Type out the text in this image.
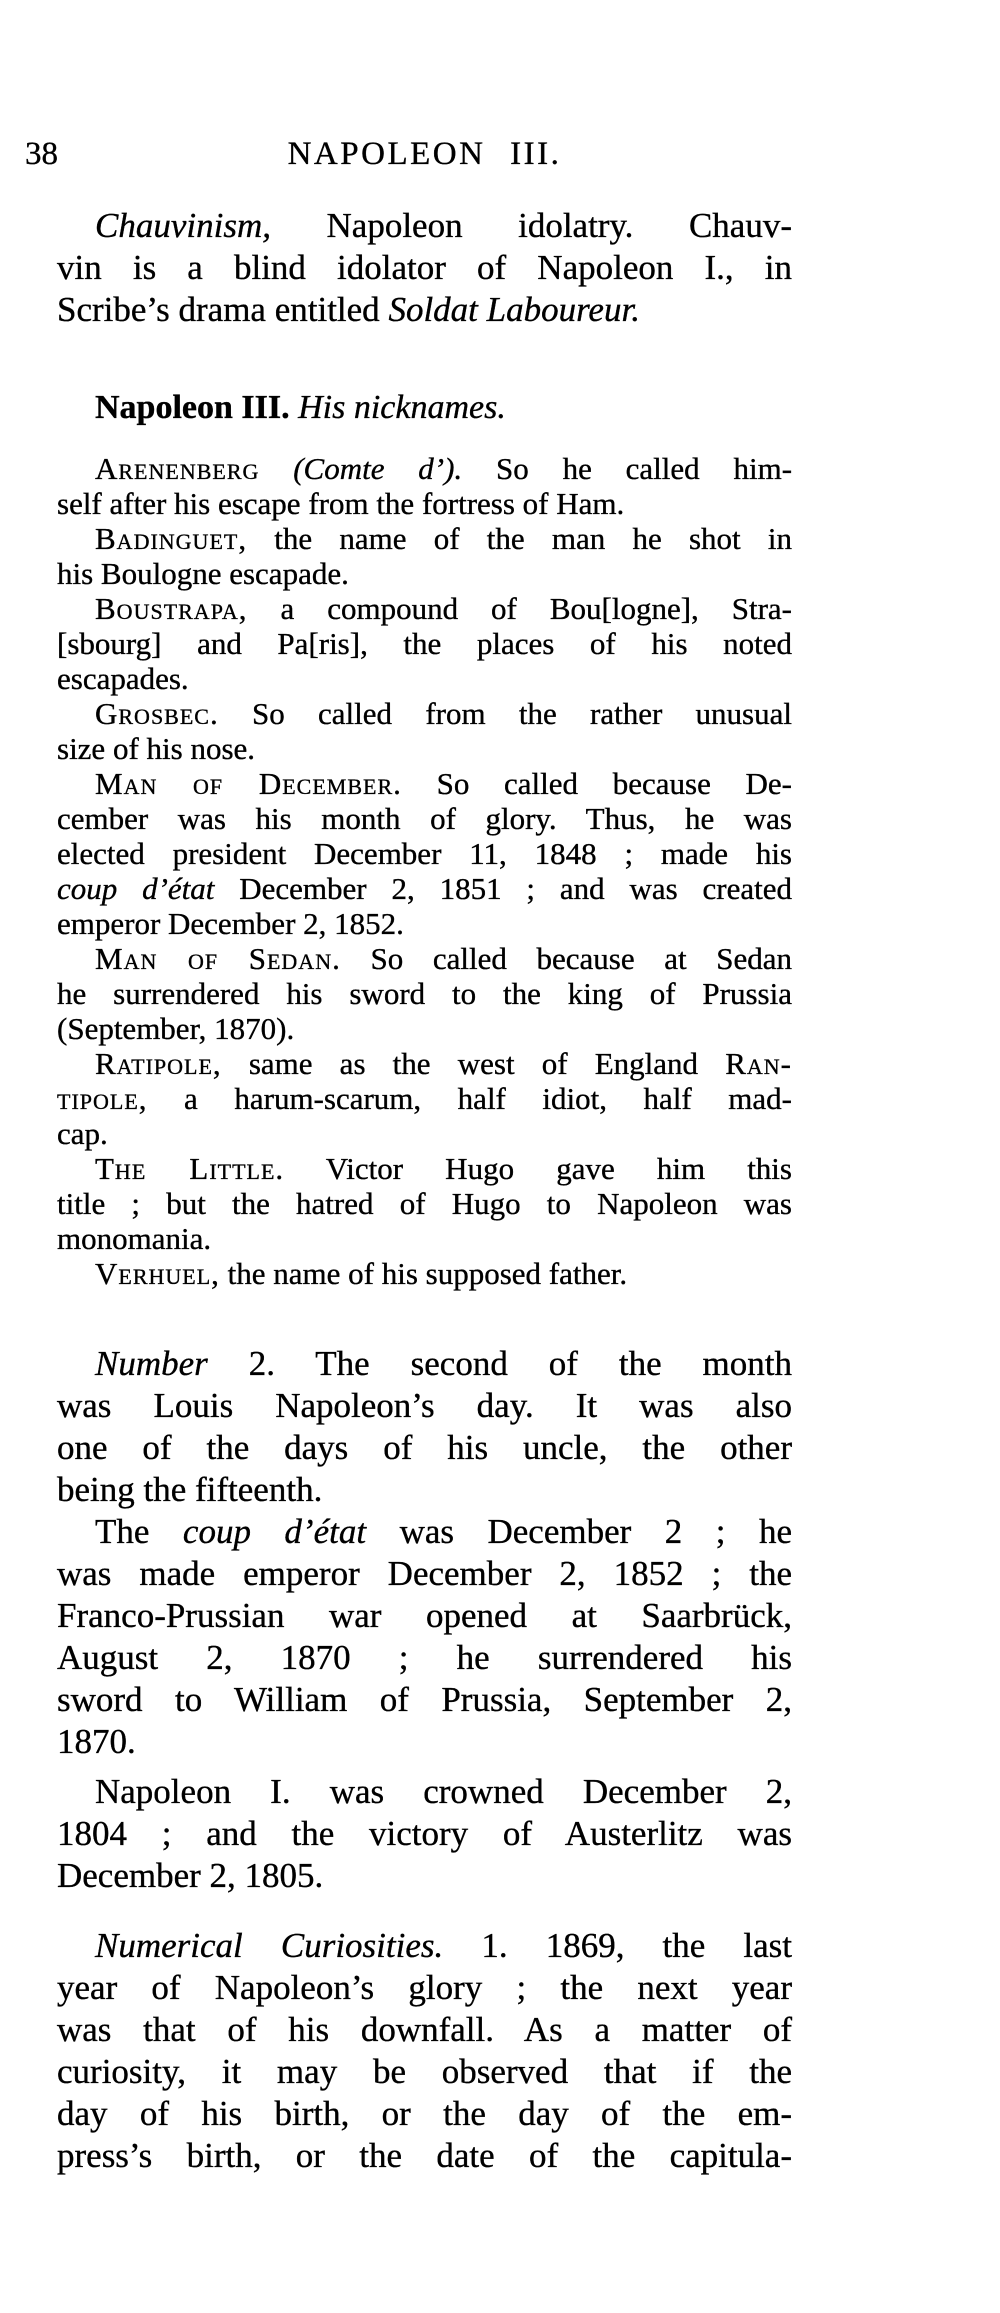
38	NAPOLEON III.
Chauvinism, Napoleon idolatry. Chauv-
vin is a blind idolator of Napoleon I., in
Scribe’s drama entitled Soldat Laboureur.
Napoleon III. His nicknames.
Arenenberg (Comte d’). So he called him-
self after his escape from the fortress of Ham.
Badinguet, the name of the man he shot in
his Boulogne escapade.
Boustrapa, a compound of Bou[logne], Stra-
[sbourg] and Pa[ris], the places of his noted
escapades.
Grosbec. So called from the rather unusual
size of his nose.
Man of December. So called because De-
cember was his month of glory. Thus, he was
elected president December 11, 1848 ; made his
coup d’état December 2, 1851 ; and was created
emperor December 2, 1852.
Man of Sedan. So called because at Sedan
he surrendered his sword to the king of Prussia
(September, 1870).
Ratipole, same as the west of England Ran-
tipole, a harum-scarum, half idiot, half mad-
cap.
The Little. Victor Hugo gave him this
title ; but the hatred of Hugo to Napoleon was
monomania.
Verhuel, the name of his supposed father.
Number 2. The second of the month
was Louis Napoleon’s day. It was also
one of the days of his uncle, the other
being the fifteenth.
The coup d’état was December 2 ; he
was made emperor December 2, 1852 ; the
Franco-Prussian war opened at Saarbrück,
August 2, 1870 ; he surrendered his
sword to William of Prussia, September 2,
1870.
Napoleon I. was crowned December 2,
1804 ; and the victory of Austerlitz was
December 2, 1805.
Numerical Curiosities. 1. 1869, the last
year of Napoleon’s glory ; the next year
was that of his downfall. As a matter of
curiosity, it may be observed that if the
day of his birth, or the day of the em-
press’s birth, or the date of the capitula-
